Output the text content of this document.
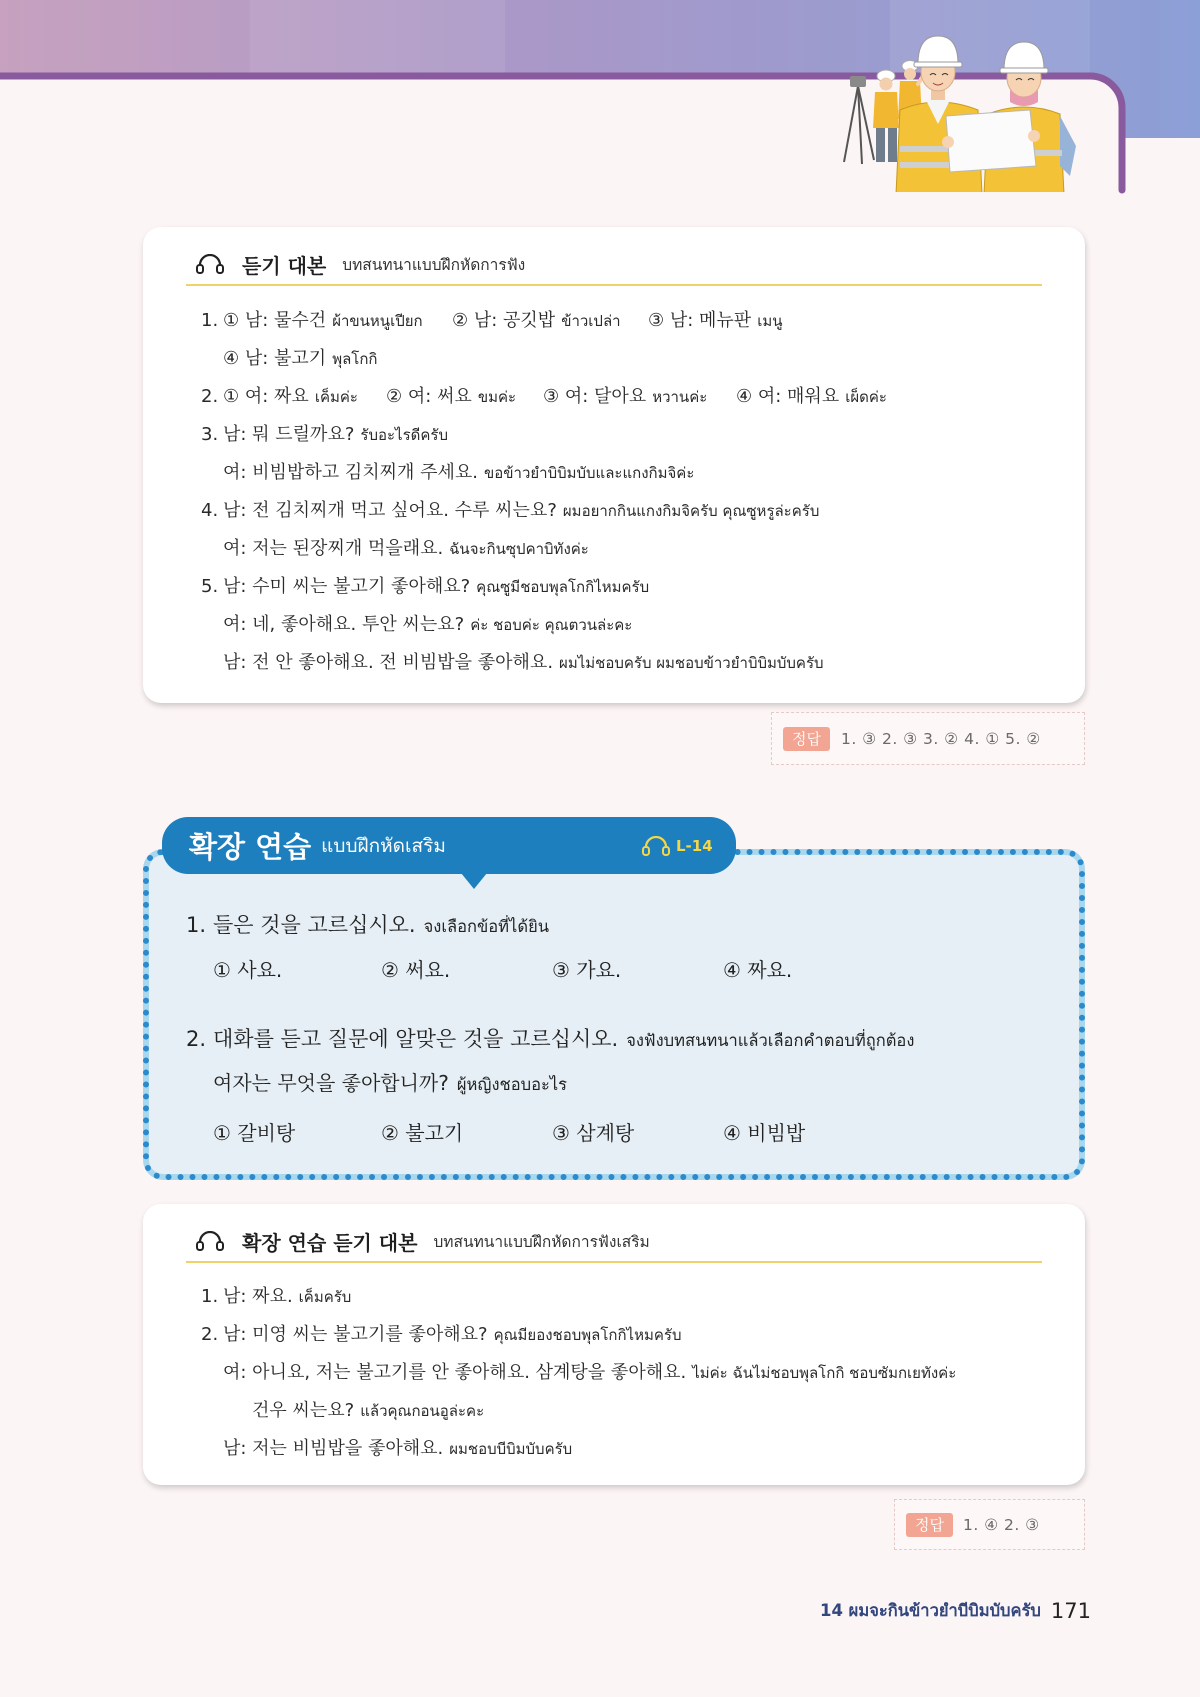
듣기 대본 บทสนทนาแบบฝึกหัดการฟัง
1. ① 남: 물수건 ผ้าขนหนูเปียก ② 남: 공깃밥 ข้าวเปล่า ③ 남: 메뉴판 เมนู
④ 남: 불고기 พุลโกกิ
2. ① 여: 짜요 เค็มค่ะ ② 여: 써요 ขมค่ะ ③ 여: 달아요 หวานค่ะ ④ 여: 매워요 เผ็ดค่ะ
3. 남: 뭐 드릴까요? รับอะไรดีครับ
여: 비빔밥하고 김치찌개 주세요. ขอข้าวยำบิบิมบับและแกงกิมจิค่ะ
4. 남: 전 김치찌개 먹고 싶어요. 수루 씨는요? ผมอยากกินแกงกิมจิครับ คุณซูหรูล่ะครับ
여: 저는 된장찌개 먹을래요. ฉันจะกินซุปคาบิทังค่ะ
5. 남: 수미 씨는 불고기 좋아해요? คุณซูมีชอบพุลโกกิไหมครับ
여: 네, 좋아해요. 투안 씨는요? ค่ะ ชอบค่ะ คุณตวนล่ะคะ
남: 전 안 좋아해요. 전 비빔밥을 좋아해요. ผมไม่ชอบครับ ผมชอบข้าวยำบิบิมบับครับ
정답	1. ③ 2. ③ 3. ② 4. ① 5. ②
1. 들은 것을 고르십시오. จงเลือกข้อที่ได้ยิน
① 사요.	② 써요.	③ 가요.	④ 짜요.
2. 대화를 듣고 질문에 알맞은 것을 고르십시오. จงฟังบทสนทนาแล้วเลือกคำตอบที่ถูกต้อง
여자는 무엇을 좋아합니까? ผู้หญิงชอบอะไร
① 갈비탕	② 불고기	③ 삼계탕	④ 비빔밥
확장 연습 แบบฝึกหัดเสริม	L-14
확장 연습 듣기 대본 บทสนทนาแบบฝึกหัดการฟังเสริม
1. 남: 짜요. เค็มครับ
2. 남: 미영 씨는 불고기를 좋아해요? คุณมียองชอบพุลโกกิไหมครับ
여: 아니요, 저는 불고기를 안 좋아해요. 삼계탕을 좋아해요. ไม่ค่ะ ฉันไม่ชอบพุลโกกิ ชอบซัมกเยทังค่ะ
건우 씨는요? แล้วคุณกอนอูล่ะคะ
남: 저는 비빔밥을 좋아해요. ผมชอบบีบิมบับครับ
정답	1. ④ 2. ③
14 ผมจะกินข้าวยำบีบิมบับครับ 171
